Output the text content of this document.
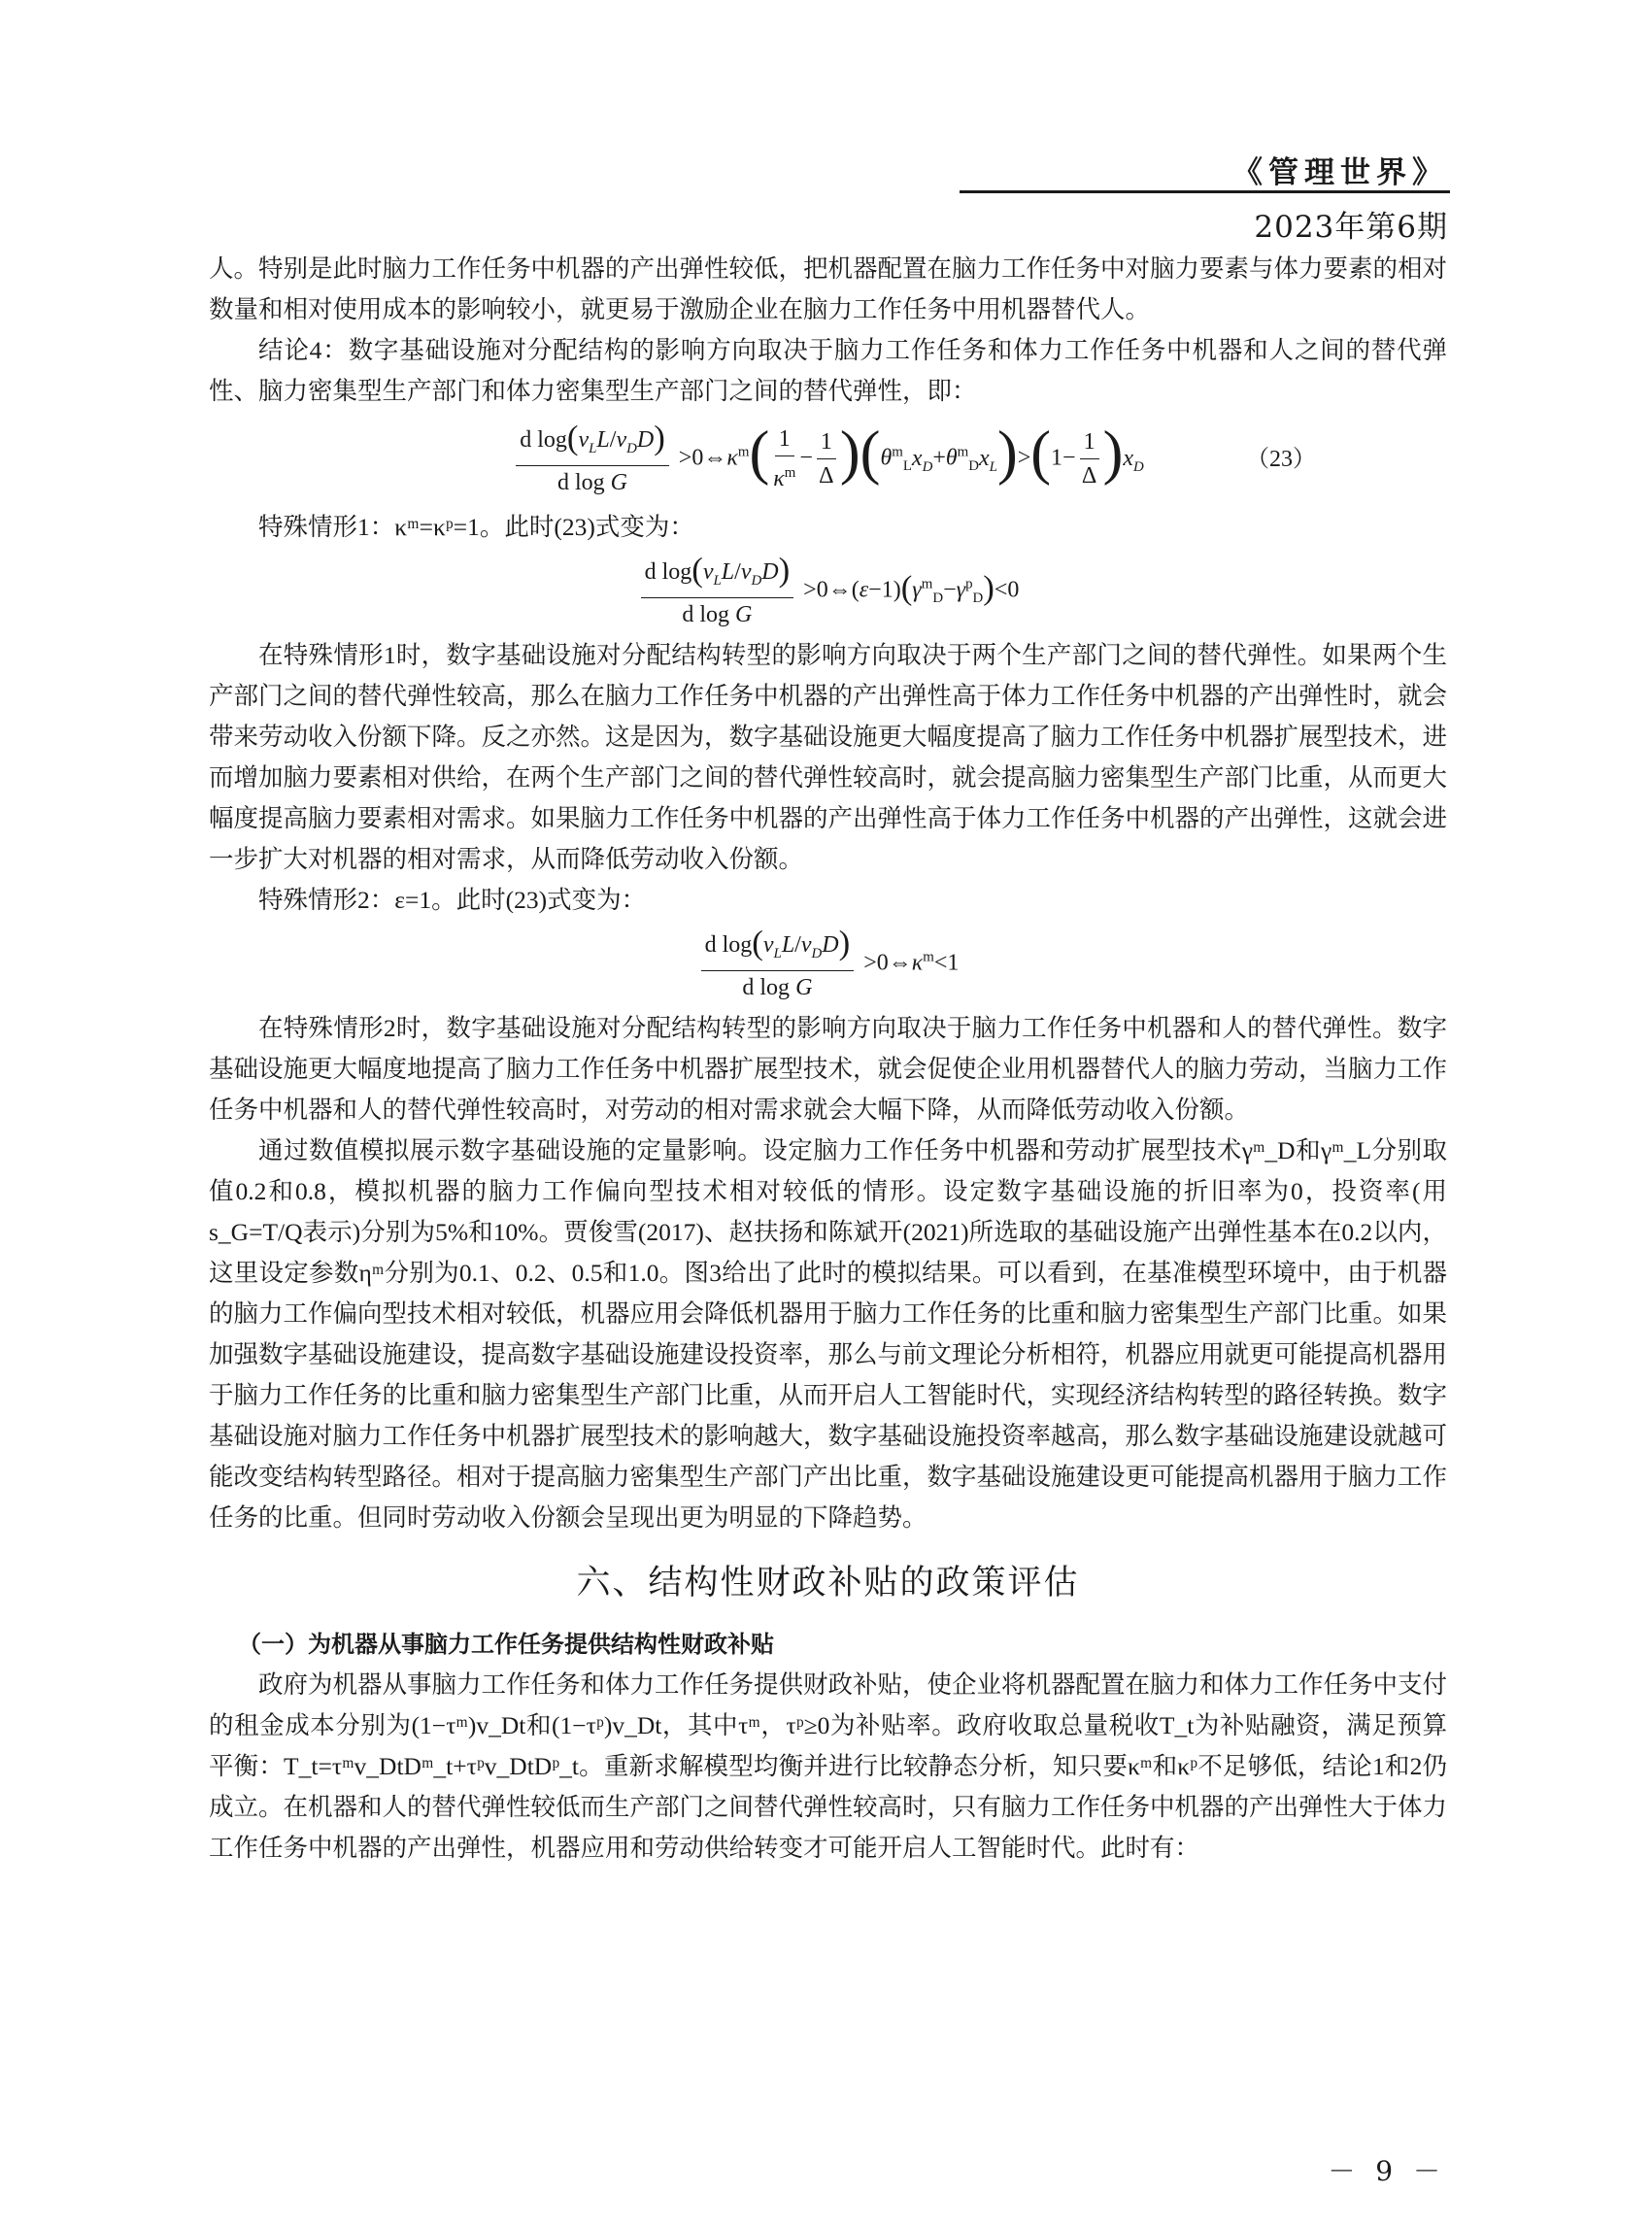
《管理世界》
2023年第6期

人。特别是此时脑力工作任务中机器的产出弹性较低，把机器配置在脑力工作任务中对脑力要素与体力要素的相对数量和相对使用成本的影响较小，就更易于激励企业在脑力工作任务中用机器替代人。

结论4：数字基础设施对分配结构的影响方向取决于脑力工作任务和体力工作任务中机器和人之间的替代弹性、脑力密集型生产部门和体力密集型生产部门之间的替代弹性，即：

$\frac{d \log(v_LL/v_DD)}{\text{d log G}}$ $>0\Leftrightarrow\kappa^m( \frac{1}{\kappa^m} - \frac{1}{\Delta} )(\theta^m_Lx_D+\theta^m_Dx_L)>(1- \frac{1}{\Delta} )x_D$	（23）

特殊情形1：κᵐ=κᵖ=1。此时(23)式变为：

$\frac{d \log(v_LL/v_DD)}{\text{d log G}}$ $>0\Leftrightarrow(\varepsilon-1)(\gamma^m_D-\gamma^p_D)<0$

在特殊情形1时，数字基础设施对分配结构转型的影响方向取决于两个生产部门之间的替代弹性。如果两个生产部门之间的替代弹性较高，那么在脑力工作任务中机器的产出弹性高于体力工作任务中机器的产出弹性时，就会带来劳动收入份额下降。反之亦然。这是因为，数字基础设施更大幅度提高了脑力工作任务中机器扩展型技术，进而增加脑力要素相对供给，在两个生产部门之间的替代弹性较高时，就会提高脑力密集型生产部门比重，从而更大幅度提高脑力要素相对需求。如果脑力工作任务中机器的产出弹性高于体力工作任务中机器的产出弹性，这就会进一步扩大对机器的相对需求，从而降低劳动收入份额。

特殊情形2：ε=1。此时(23)式变为：

$\frac{d \log(v_LL/v_DD)}{\text{d log G}}$ $>0\Leftrightarrow\kappa^m<1$

在特殊情形2时，数字基础设施对分配结构转型的影响方向取决于脑力工作任务中机器和人的替代弹性。数字基础设施更大幅度地提高了脑力工作任务中机器扩展型技术，就会促使企业用机器替代人的脑力劳动，当脑力工作任务中机器和人的替代弹性较高时，对劳动的相对需求就会大幅下降，从而降低劳动收入份额。

通过数值模拟展示数字基础设施的定量影响。设定脑力工作任务中机器和劳动扩展型技术γᵐ_D和γᵐ_L分别取值0.2和0.8，模拟机器的脑力工作偏向型技术相对较低的情形。设定数字基础设施的折旧率为0，投资率(用s_G=T/Q表示)分别为5%和10%。贾俊雪(2017)、赵扶扬和陈斌开(2021)所选取的基础设施产出弹性基本在0.2以内，这里设定参数ηᵐ分别为0.1、0.2、0.5和1.0。图3给出了此时的模拟结果。可以看到，在基准模型环境中，由于机器的脑力工作偏向型技术相对较低，机器应用会降低机器用于脑力工作任务的比重和脑力密集型生产部门比重。如果加强数字基础设施建设，提高数字基础设施建设投资率，那么与前文理论分析相符，机器应用就更可能提高机器用于脑力工作任务的比重和脑力密集型生产部门比重，从而开启人工智能时代，实现经济结构转型的路径转换。数字基础设施对脑力工作任务中机器扩展型技术的影响越大，数字基础设施投资率越高，那么数字基础设施建设就越可能改变结构转型路径。相对于提高脑力密集型生产部门产出比重，数字基础设施建设更可能提高机器用于脑力工作任务的比重。但同时劳动收入份额会呈现出更为明显的下降趋势。

六、结构性财政补贴的政策评估
（一）为机器从事脑力工作任务提供结构性财政补贴

政府为机器从事脑力工作任务和体力工作任务提供财政补贴，使企业将机器配置在脑力和体力工作任务中支付的租金成本分别为(1−τᵐ)v_Dt和(1−τᵖ)v_Dt，其中τᵐ，τᵖ≥0为补贴率。政府收取总量税收T_t为补贴融资，满足预算平衡：T_t=τᵐv_DtDᵐ_t+τᵖv_DtDᵖ_t。重新求解模型均衡并进行比较静态分析，知只要κᵐ和κᵖ不足够低，结论1和2仍成立。在机器和人的替代弹性较低而生产部门之间替代弹性较高时，只有脑力工作任务中机器的产出弹性大于体力工作任务中机器的产出弹性，机器应用和劳动供给转变才可能开启人工智能时代。此时有：

－ 9 －
